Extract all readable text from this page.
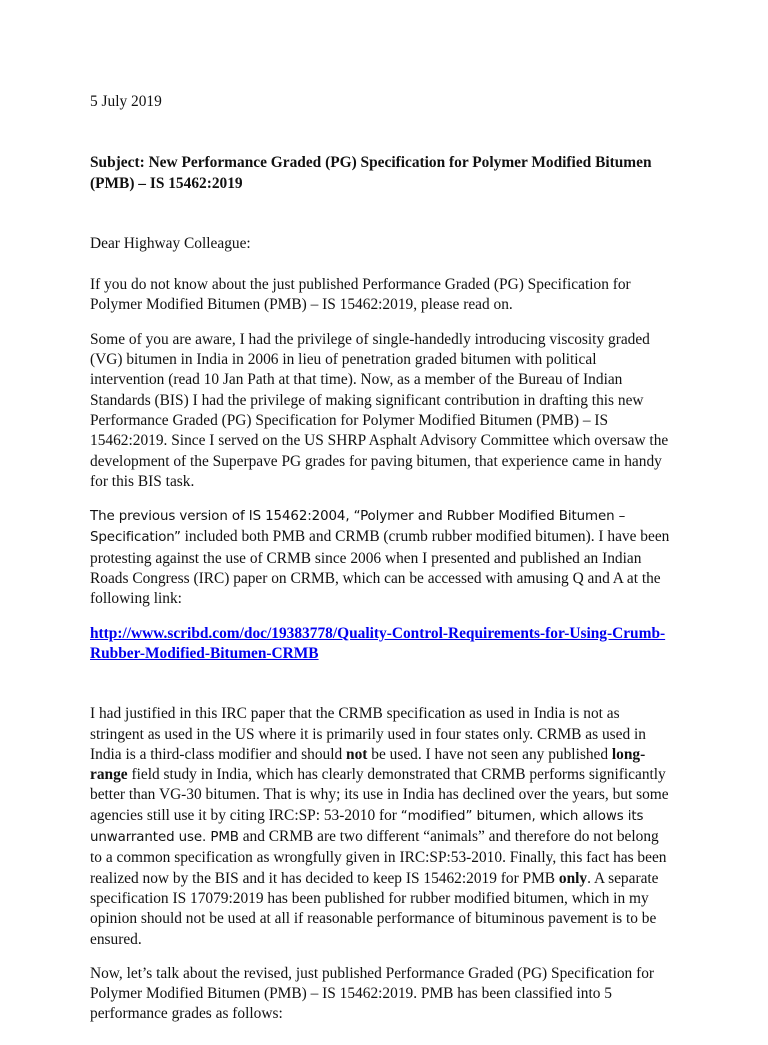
5 July 2019

Subject: New Performance Graded (PG) Specification for Polymer Modified Bitumen (PMB) – IS 15462:2019

Dear Highway Colleague:

If you do not know about the just published Performance Graded (PG) Specification for Polymer Modified Bitumen (PMB) – IS 15462:2019, please read on.

Some of you are aware, I had the privilege of single-handedly introducing viscosity graded (VG) bitumen in India in 2006 in lieu of penetration graded bitumen with political intervention (read 10 Jan Path at that time). Now, as a member of the Bureau of Indian Standards (BIS) I had the privilege of making significant contribution in drafting this new Performance Graded (PG) Specification for Polymer Modified Bitumen (PMB) – IS 15462:2019. Since I served on the US SHRP Asphalt Advisory Committee which oversaw the development of the Superpave PG grades for paving bitumen, that experience came in handy for this BIS task.

The previous version of IS 15462:2004, “Polymer and Rubber Modified Bitumen – Specification” included both PMB and CRMB (crumb rubber modified bitumen). I have been protesting against the use of CRMB since 2006 when I presented and published an Indian Roads Congress (IRC) paper on CRMB, which can be accessed with amusing Q and A at the following link:

http://www.scribd.com/doc/19383778/Quality-Control-Requirements-for-Using-Crumb-Rubber-Modified-Bitumen-CRMB

I had justified in this IRC paper that the CRMB specification as used in India is not as stringent as used in the US where it is primarily used in four states only. CRMB as used in India is a third-class modifier and should not be used. I have not seen any published long-range field study in India, which has clearly demonstrated that CRMB performs significantly better than VG-30 bitumen. That is why; its use in India has declined over the years, but some agencies still use it by citing IRC:SP: 53-2010 for “modified” bitumen, which allows its unwarranted use. PMB and CRMB are two different “animals” and therefore do not belong to a common specification as wrongfully given in IRC:SP:53-2010. Finally, this fact has been realized now by the BIS and it has decided to keep IS 15462:2019 for PMB only. A separate specification IS 17079:2019 has been published for rubber modified bitumen, which in my opinion should not be used at all if reasonable performance of bituminous pavement is to be ensured.

Now, let’s talk about the revised, just published Performance Graded (PG) Specification for Polymer Modified Bitumen (PMB) – IS 15462:2019. PMB has been classified into 5 performance grades as follows:
